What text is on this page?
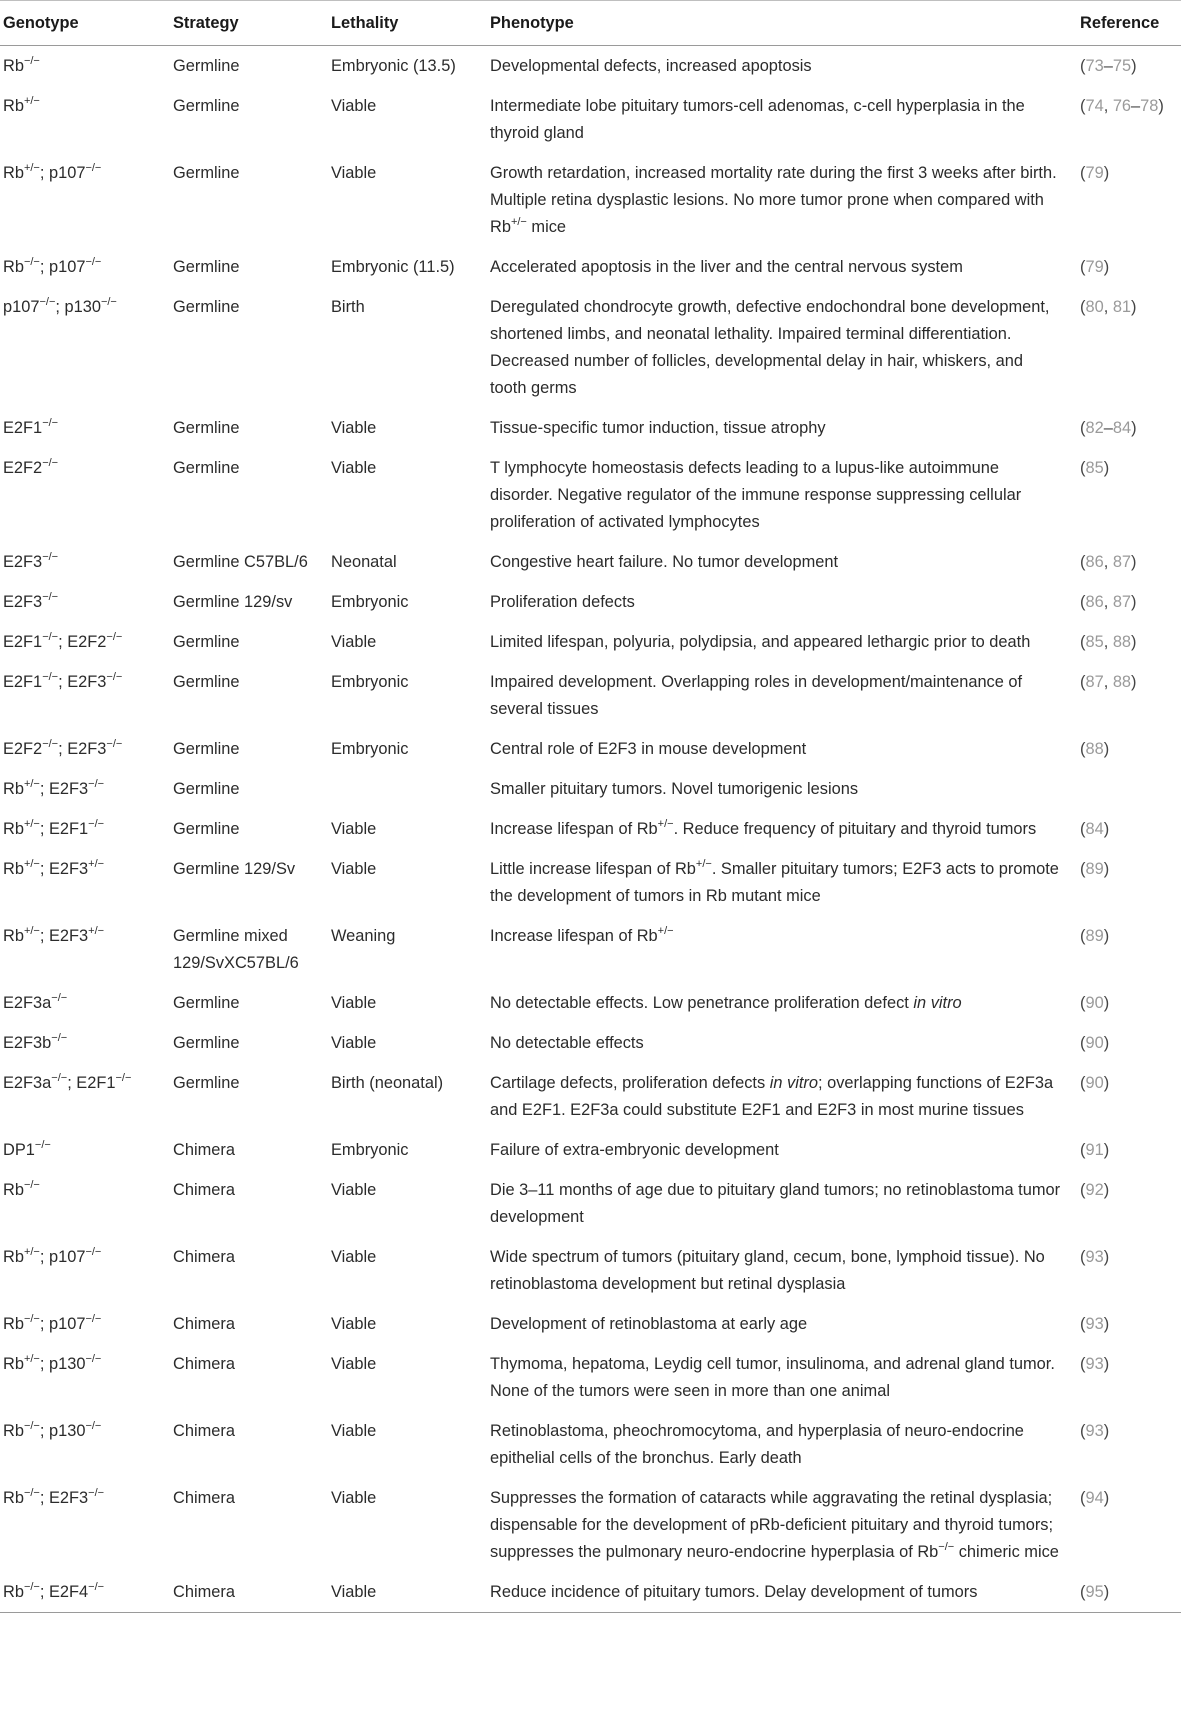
Genotype	Strategy	Lethality	Phenotype	Reference
Rb−/−	Germline	Embryonic (13.5)	Developmental defects, increased apoptosis	(73–75)
Rb+/−	Germline	Viable	Intermediate lobe pituitary tumors-cell adenomas, c-cell hyperplasia in the thyroid gland	(74, 76–78)
Rb+/−; p107−/−	Germline	Viable	Growth retardation, increased mortality rate during the first 3 weeks after birth. Multiple retina dysplastic lesions. No more tumor prone when compared with Rb+/− mice	(79)
Rb−/−; p107−/−	Germline	Embryonic (11.5)	Accelerated apoptosis in the liver and the central nervous system	(79)
p107−/−; p130−/−	Germline	Birth	Deregulated chondrocyte growth, defective endochondral bone development, shortened limbs, and neonatal lethality. Impaired terminal differentiation. Decreased number of follicles, developmental delay in hair, whiskers, and tooth germs	(80, 81)
E2F1−/−	Germline	Viable	Tissue-specific tumor induction, tissue atrophy	(82–84)
E2F2−/−	Germline	Viable	T lymphocyte homeostasis defects leading to a lupus-like autoimmune disorder. Negative regulator of the immune response suppressing cellular proliferation of activated lymphocytes	(85)
E2F3−/−	Germline C57BL/6	Neonatal	Congestive heart failure. No tumor development	(86, 87)
E2F3−/−	Germline 129/sv	Embryonic	Proliferation defects	(86, 87)
E2F1−/−; E2F2−/−	Germline	Viable	Limited lifespan, polyuria, polydipsia, and appeared lethargic prior to death	(85, 88)
E2F1−/−; E2F3−/−	Germline	Embryonic	Impaired development. Overlapping roles in development/maintenance of several tissues	(87, 88)
E2F2−/−; E2F3−/−	Germline	Embryonic	Central role of E2F3 in mouse development	(88)
Rb+/−; E2F3−/−	Germline		Smaller pituitary tumors. Novel tumorigenic lesions	
Rb+/−; E2F1−/−	Germline	Viable	Increase lifespan of Rb+/−. Reduce frequency of pituitary and thyroid tumors	(84)
Rb+/−; E2F3+/−	Germline 129/Sv	Viable	Little increase lifespan of Rb+/−. Smaller pituitary tumors; E2F3 acts to promote the development of tumors in Rb mutant mice	(89)
Rb+/−; E2F3+/−	Germline mixed 129/SvXC57BL/6	Weaning	Increase lifespan of Rb+/−	(89)
E2F3a−/−	Germline	Viable	No detectable effects. Low penetrance proliferation defect in vitro	(90)
E2F3b−/−	Germline	Viable	No detectable effects	(90)
E2F3a−/−; E2F1−/−	Germline	Birth (neonatal)	Cartilage defects, proliferation defects in vitro; overlapping functions of E2F3a and E2F1. E2F3a could substitute E2F1 and E2F3 in most murine tissues	(90)
DP1−/−	Chimera	Embryonic	Failure of extra-embryonic development	(91)
Rb−/−	Chimera	Viable	Die 3–11 months of age due to pituitary gland tumors; no retinoblastoma tumor development	(92)
Rb+/−; p107−/−	Chimera	Viable	Wide spectrum of tumors (pituitary gland, cecum, bone, lymphoid tissue). No retinoblastoma development but retinal dysplasia	(93)
Rb−/−; p107−/−	Chimera	Viable	Development of retinoblastoma at early age	(93)
Rb+/−; p130−/−	Chimera	Viable	Thymoma, hepatoma, Leydig cell tumor, insulinoma, and adrenal gland tumor. None of the tumors were seen in more than one animal	(93)
Rb−/−; p130−/−	Chimera	Viable	Retinoblastoma, pheochromocytoma, and hyperplasia of neuro-endocrine epithelial cells of the bronchus. Early death	(93)
Rb−/−; E2F3−/−	Chimera	Viable	Suppresses the formation of cataracts while aggravating the retinal dysplasia; dispensable for the development of pRb-deficient pituitary and thyroid tumors; suppresses the pulmonary neuro-endocrine hyperplasia of Rb−/− chimeric mice	(94)
Rb−/−; E2F4−/−	Chimera	Viable	Reduce incidence of pituitary tumors. Delay development of tumors	(95)
